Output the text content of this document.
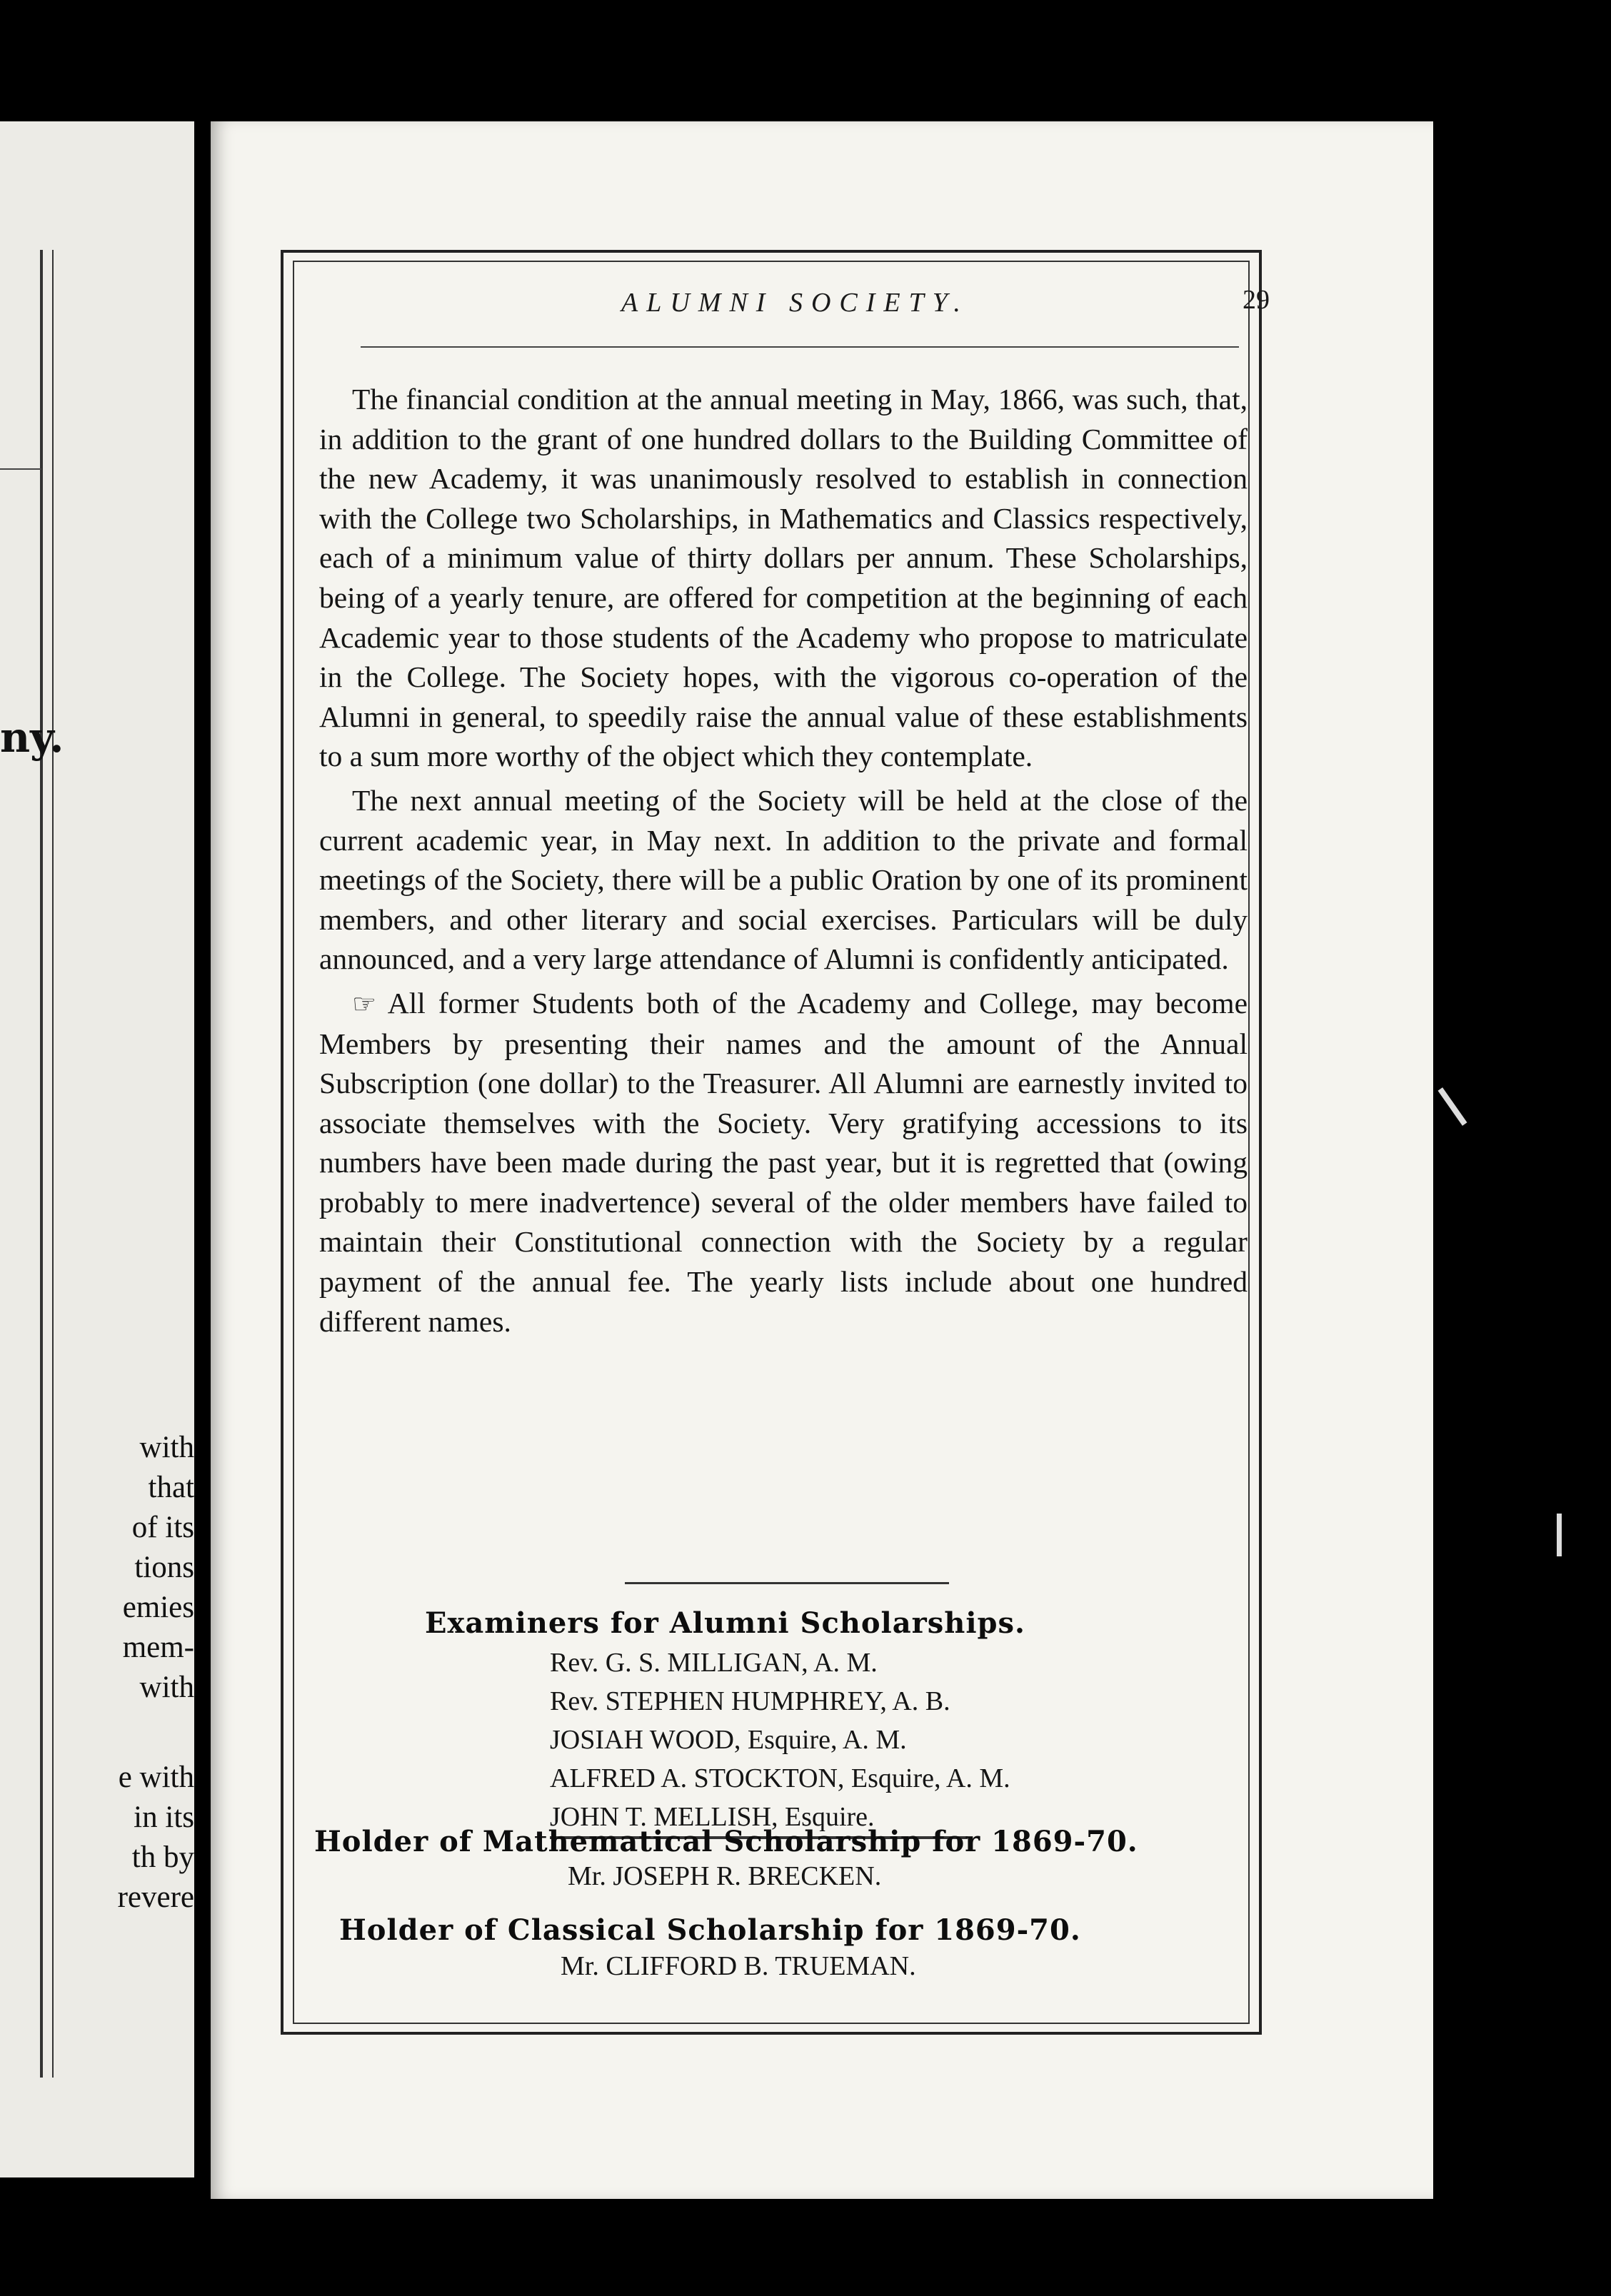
ny.
with
that
of its
tions
emies
mem-
with
e with
in its
th by
revere
ALUMNI SOCIETY.	29

The financial condition at the annual meeting in May, 1866, was such, that, in addition to the grant of one hundred dollars to the Building Committee of the new Academy, it was unanimously resolved to establish in connection with the College two Scholarships, in Mathematics and Classics respectively, each of a minimum value of thirty dollars per annum. These Scholarships, being of a yearly tenure, are offered for competition at the beginning of each Academic year to those students of the Academy who propose to matriculate in the College. The Society hopes, with the vigorous co-operation of the Alumni in general, to speedily raise the annual value of these establishments to a sum more worthy of the object which they contemplate.

The next annual meeting of the Society will be held at the close of the current academic year, in May next. In addition to the private and formal meetings of the Society, there will be a public Oration by one of its prominent members, and other literary and social exercises. Particulars will be duly announced, and a very large attendance of Alumni is confidently anticipated.

☞ All former Students both of the Academy and College, may become Members by presenting their names and the amount of the Annual Subscription (one dollar) to the Treasurer. All Alumni are earnestly invited to associate themselves with the Society. Very gratifying accessions to its numbers have been made during the past year, but it is regretted that (owing probably to mere inadvertence) several of the older members have failed to maintain their Constitutional connection with the Society by a regular payment of the annual fee. The yearly lists include about one hundred different names.

Examiners for Alumni Scholarships.
Rev. G. S. MILLIGAN, A. M.
Rev. STEPHEN HUMPHREY, A. B.
JOSIAH WOOD, Esquire, A. M.
ALFRED A. STOCKTON, Esquire, A. M.
JOHN T. MELLISH, Esquire.
Holder of Mathematical Scholarship for 1869-70.
Mr. JOSEPH R. BRECKEN.
Holder of Classical Scholarship for 1869-70.
Mr. CLIFFORD B. TRUEMAN.
